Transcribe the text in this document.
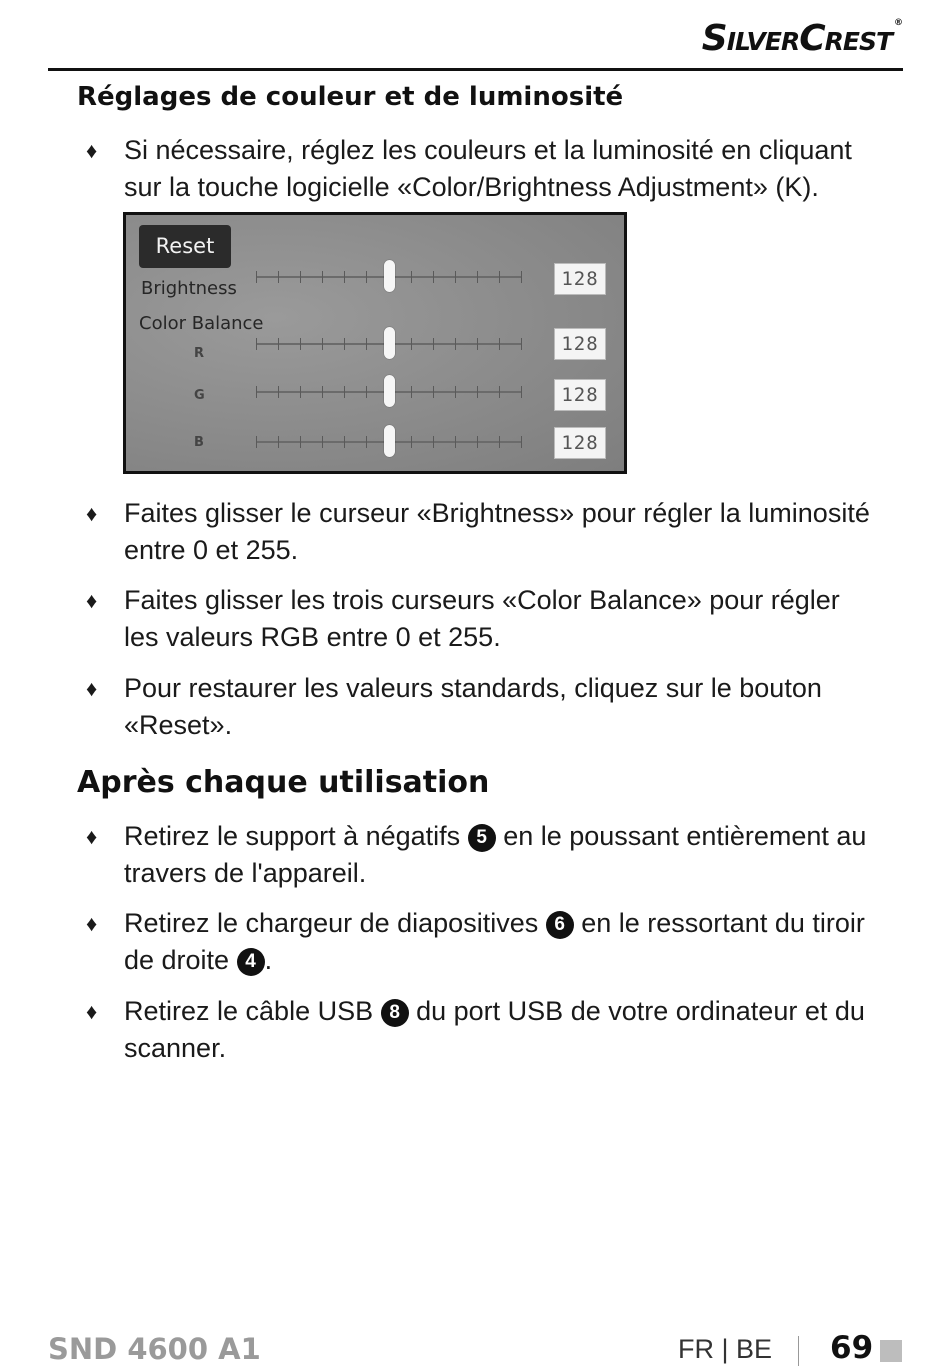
SilverCrest ®
Réglages de couleur et de luminosité
♦ Si nécessaire, réglez les couleurs et la luminosité en cliquant sur la touche logicielle «Color/Brightness Adjustment» (K).
Reset
Brightness
Color Balance
R
G
B
128
128
128
128
♦ Faites glisser le curseur «Brightness» pour régler la luminosité entre 0 et 255.
♦ Faites glisser les trois curseurs «Color Balance» pour régler les valeurs RGB entre 0 et 255.
♦ Pour restaurer les valeurs standards, cliquez sur le bouton «Reset».
Après chaque utilisation
♦ Retirez le support à négatifs 5 en le poussant entièrement au travers de l'appareil.
♦ Retirez le chargeur de diapositives 6 en le ressortant du tiroir de droite 4 .
♦ Retirez le câble USB 8 du port USB de votre ordinateur et du scanner.
SND 4600 A1	FR | BE 69
